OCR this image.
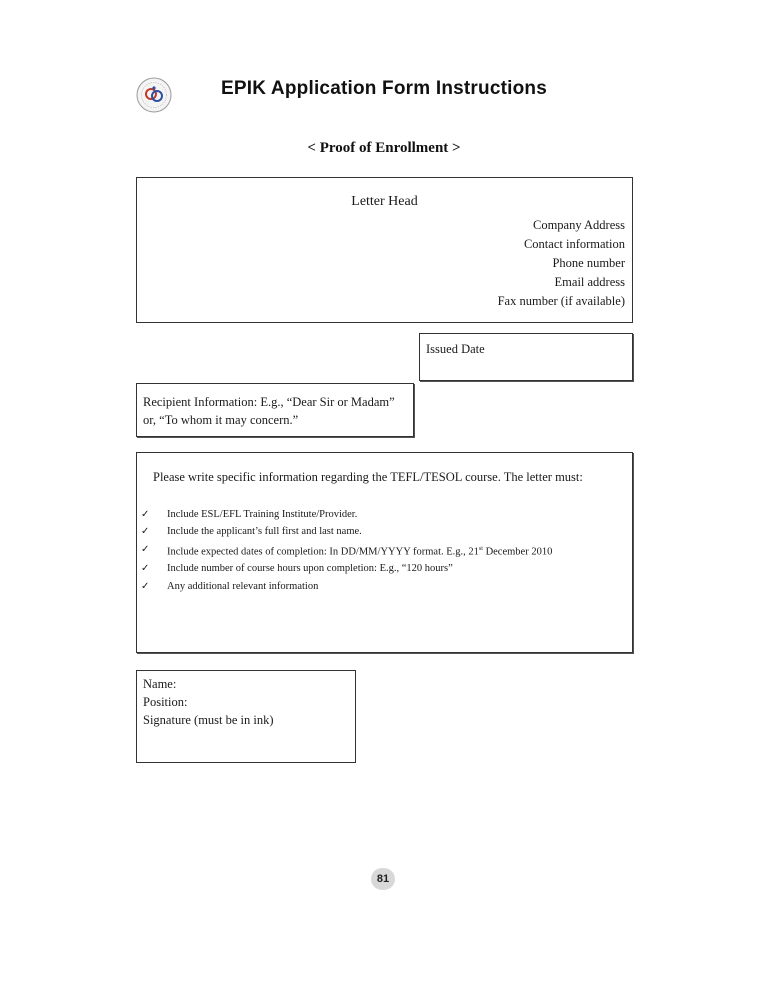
EPIK Application Form Instructions
< Proof of Enrollment >
Letter Head
Company Address
Contact information
Phone number
Email address
Fax number (if available)
Issued Date
Recipient Information: E.g., “Dear Sir or Madam”
or, “To whom it may concern.”
Please write specific information regarding the TEFL/TESOL course. The letter must:
✓ Include ESL/EFL Training Institute/Provider.
✓ Include the applicant’s full first and last name.
✓ Include expected dates of completion: In DD/MM/YYYY format. E.g., 21st December 2010
✓ Include number of course hours upon completion: E.g., “120 hours”
✓ Any additional relevant information
Name:
Position:
Signature (must be in ink)
81
